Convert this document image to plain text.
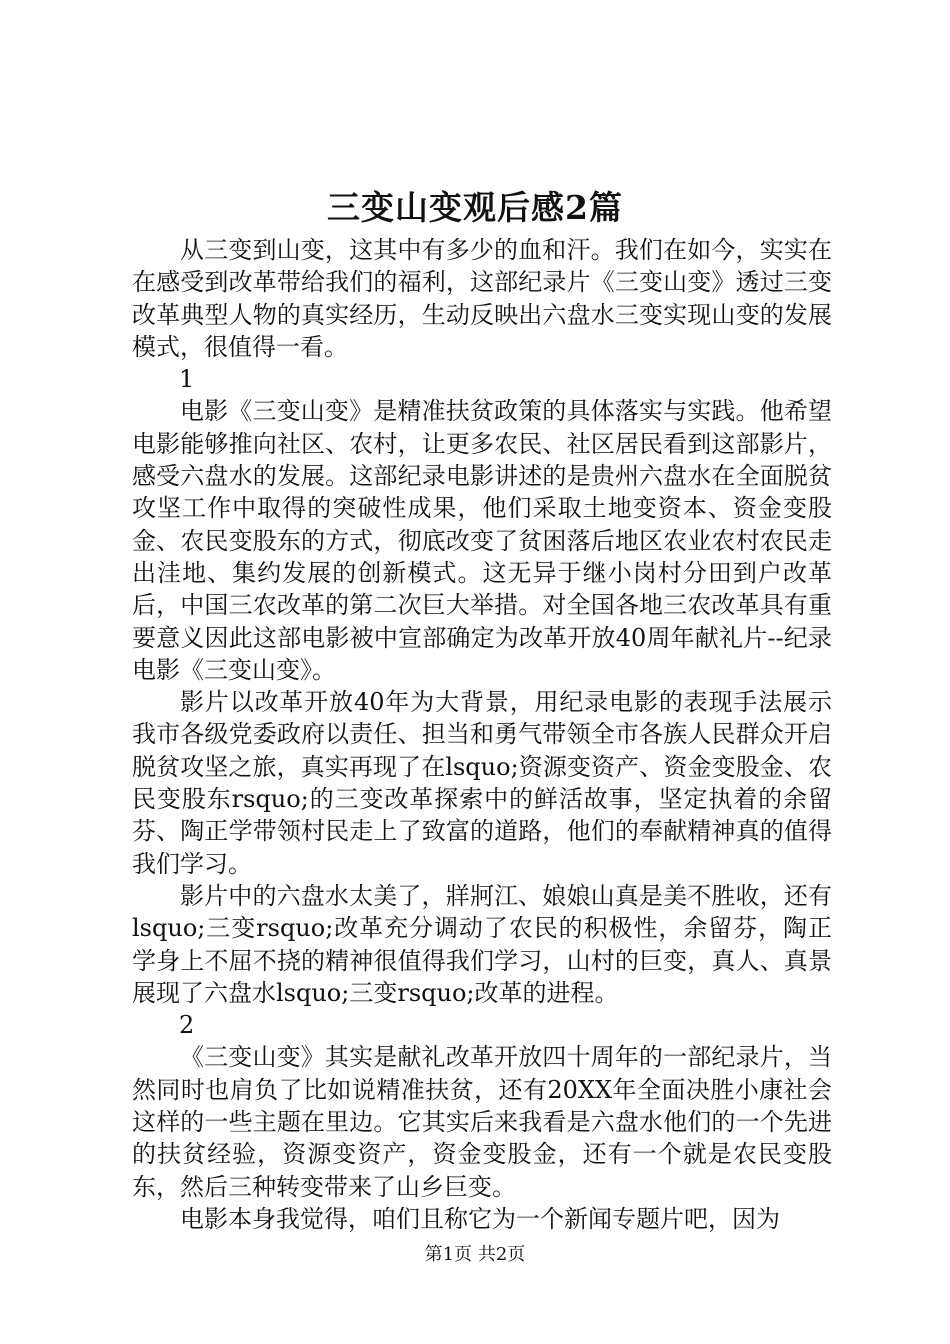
三变山变观后感2篇

从三变到山变，这其中有多少的血和汗。我们在如今，实实在在感受到改革带给我们的福利，这部纪录片《三变山变》透过三变改革典型人物的真实经历，生动反映出六盘水三变实现山变的发展模式，很值得一看。

1

电影《三变山变》是精准扶贫政策的具体落实与实践。他希望电影能够推向社区、农村，让更多农民、社区居民看到这部影片，感受六盘水的发展。这部纪录电影讲述的是贵州六盘水在全面脱贫攻坚工作中取得的突破性成果，他们采取土地变资本、资金变股金、农民变股东的方式，彻底改变了贫困落后地区农业农村农民走出洼地、集约发展的创新模式。这无异于继小岗村分田到户改革后，中国三农改革的第二次巨大举措。对全国各地三农改革具有重要意义因此这部电影被中宣部确定为改革开放40周年献礼片--纪录电影《三变山变》。

影片以改革开放40年为大背景，用纪录电影的表现手法展示我市各级党委政府以责任、担当和勇气带领全市各族人民群众开启脱贫攻坚之旅，真实再现了在lsquo;资源变资产、资金变股金、农民变股东rsquo;的三变改革探索中的鲜活故事，坚定执着的余留芬、陶正学带领村民走上了致富的道路，他们的奉献精神真的值得我们学习。

影片中的六盘水太美了，牂牁江、娘娘山真是美不胜收，还有lsquo;三变rsquo;改革充分调动了农民的积极性，余留芬，陶正学身上不屈不挠的精神很值得我们学习，山村的巨变，真人、真景展现了六盘水lsquo;三变rsquo;改革的进程。

2

《三变山变》其实是献礼改革开放四十周年的一部纪录片，当然同时也肩负了比如说精准扶贫，还有20XX年全面决胜小康社会这样的一些主题在里边。它其实后来我看是六盘水他们的一个先进的扶贫经验，资源变资产，资金变股金，还有一个就是农民变股东，然后三种转变带来了山乡巨变。

电影本身我觉得，咱们且称它为一个新闻专题片吧，因为

第1页 共2页
